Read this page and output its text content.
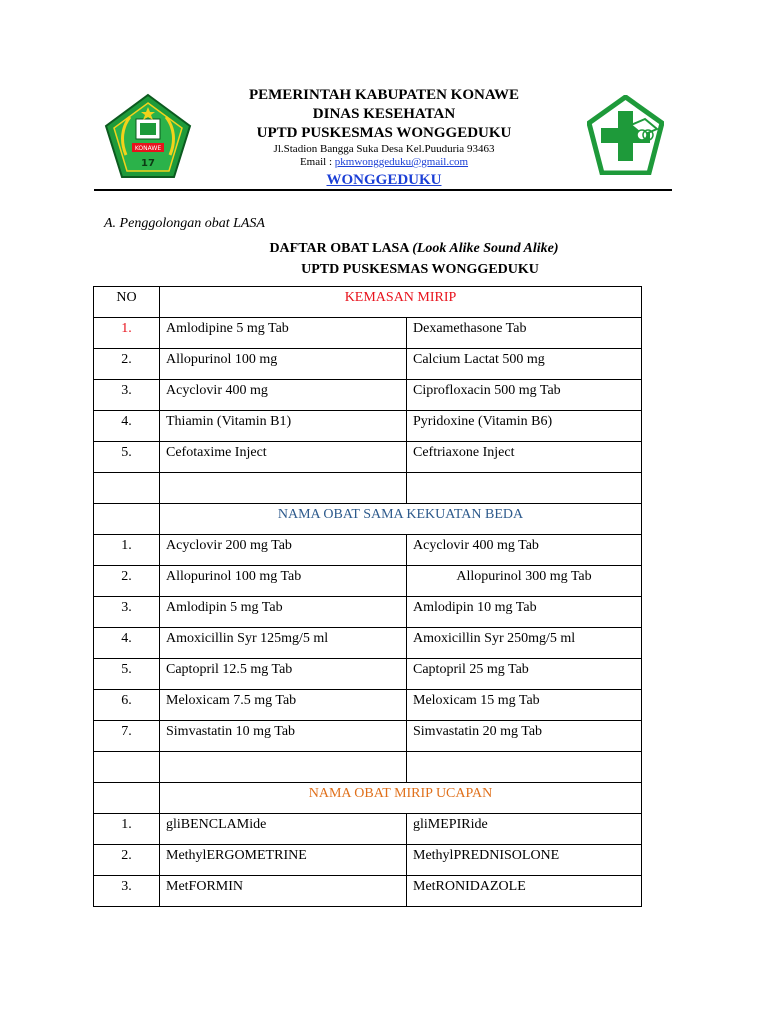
KONAWE
17
PEMERINTAH KABUPATEN KONAWE
DINAS KESEHATAN
UPTD PUSKESMAS WONGGEDUKU
Jl.Stadion Bangga Suka Desa Kel.Puuduria 93463
Email : pkmwonggeduku@gmail.com
WONGGEDUKU
A. Penggolongan obat LASA
DAFTAR OBAT LASA (Look Alike Sound Alike)
UPTD PUSKESMAS WONGGEDUKU
NO	KEMASAN MIRIP	
1.	Amlodipine 5 mg Tab	Dexamethasone Tab
2.	Allopurinol 100 mg	Calcium Lactat 500 mg
3.	Acyclovir 400 mg	Ciprofloxacin 500 mg Tab
4.	Thiamin (Vitamin B1)	Pyridoxine (Vitamin B6)
5.	Cefotaxime Inject	Ceftriaxone Inject

	NAMA OBAT SAMA KEKUATAN BEDA	
1.	Acyclovir 200 mg Tab	Acyclovir 400 mg Tab
2.	Allopurinol 100 mg Tab	Allopurinol 300 mg Tab
3.	Amlodipin 5 mg Tab	Amlodipin 10 mg Tab
4.	Amoxicillin Syr 125mg/5 ml	Amoxicillin Syr 250mg/5 ml
5.	Captopril 12.5 mg Tab	Captopril 25 mg Tab
6.	Meloxicam 7.5 mg Tab	Meloxicam 15 mg Tab
7.	Simvastatin 10 mg Tab	Simvastatin 20 mg Tab

	NAMA OBAT MIRIP UCAPAN	
1.	gliBENCLAMide	gliMEPIRide
2.	MethylERGOMETRINE	MethylPREDNISOLONE
3.	MetFORMIN	MetRONIDAZOLE
